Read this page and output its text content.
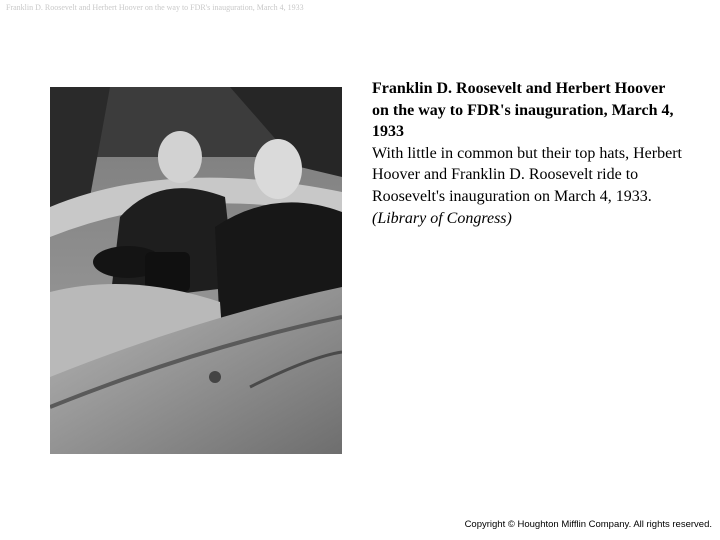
Franklin D. Roosevelt and Herbert Hoover on the way to FDR's inauguration, March 4, 1933
Franklin D. Roosevelt and Herbert Hoover on the way to FDR's inauguration, March 4, 1933
With little in common but their top hats, Herbert Hoover and Franklin D. Roosevelt ride to Roosevelt's inauguration on March 4, 1933. (Library of Congress)
Copyright © Houghton Mifflin Company. All rights reserved.
